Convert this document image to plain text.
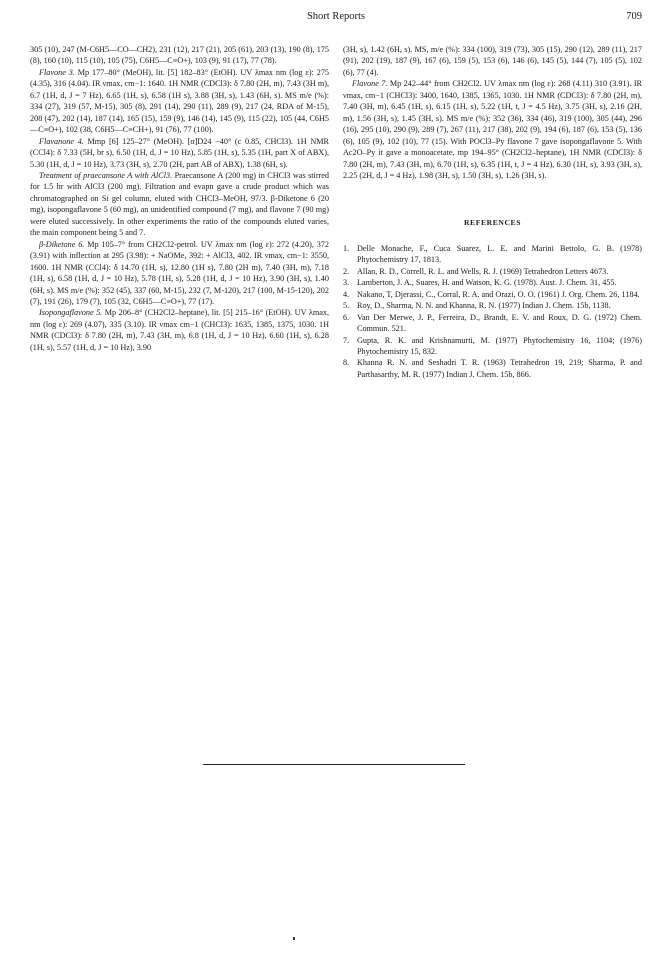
Short Reports	709

305 (10), 247 (M-C6H5—CO—CH2), 231 (12), 217 (21), 205 (61), 203 (13), 190 (8), 175 (8), 160 (10), 115 (10), 105 (75), C6H5—C≡O+), 103 (9), 91 (17), 77 (78).

Flavone 3. Mp 177–80° (MeOH), lit. [5] 182–83° (EtOH). UV λmax nm (log ε): 275 (4.35), 316 (4.04). IR νmax, cm−1: 1640. 1H NMR (CDCl3): δ 7.80 (2H, m), 7.43 (3H m), 6.7 (1H, d, J = 7 Hz), 6.65 (1H, s), 6.58 (1H s), 3.88 (3H, s), 1.43 (6H, s). MS m/e (%): 334 (27), 319 (57, M-15), 305 (8), 291 (14), 290 (11), 289 (9), 217 (24, RDA of M-15), 208 (47), 202 (14), 187 (14), 165 (15), 159 (9), 146 (14), 145 (9), 115 (22), 105 (44, C6H5—C≡O+), 102 (38, C6H5—C≡CH+), 91 (76), 77 (100).

Flavanone 4. Mmp [6] 125–27° (MeOH). [α]D24 −40° (c 0.85, CHCl3). 1H NMR (CCl4): δ 7.33 (5H, br s), 6.50 (1H, d, J = 10 Hz), 5.85 (1H, s), 5.35 (1H, part X of ABX), 5.30 (1H, d, J = 10 Hz), 3.73 (3H, s), 2.70 (2H, part AB of ABX), 1.38 (6H, s).

Treatment of praecansone A with AlCl3. Praecansone A (200 mg) in CHCl3 was stirred for 1.5 hr with AlCl3 (200 mg). Filtration and evapn gave a crude product which was chromatographed on Si gel column, eluted with CHCl3–MeOH, 97/3. β-Diketone 6 (20 mg), isopongaflavone 5 (60 mg), an unidentified compound (7 mg), and flavone 7 (90 mg) were eluted successively. In other experiments the ratio of the compounds eluted varies, the main component being 5 and 7.

β-Diketone 6. Mp 105–7° from CH2Cl2-petrol. UV λmax nm (log ε): 272 (4.20), 372 (3.91) with inflection at 295 (3.98): + NaOMe, 392: + AlCl3, 402. IR νmax, cm−1: 3550, 1600. 1H NMR (CCl4): δ 14.70 (1H, s), 12.80 (1H s), 7.80 (2H m), 7.40 (3H, m), 7.18 (1H, s), 6.58 (1H, d, J = 10 Hz), 5.78 (1H, s), 5.28 (1H, d, J = 10 Hz), 3.90 (3H, s), 1.40 (6H, s). MS m/e (%): 352 (45), 337 (60, M-15), 232 (7, M-120), 217 (100, M-15-120), 202 (7), 191 (26), 179 (7), 105 (32, C6H5—C≡O+), 77 (17).

Isopongaflavone 5. Mp 206–8° (CH2Cl2–heptane), lit. [5] 215–16° (EtOH). UV λmax, nm (log ε): 269 (4.07), 335 (3.10). IR νmax cm−1 (CHCl3): 1635, 1385, 1375, 1030. 1H NMR (CDCl3): δ 7.80 (2H, m), 7.43 (3H, m), 6.8 (1H, d, J = 10 Hz), 6.60 (1H, s), 6.28 (1H, s), 5.57 (1H, d, J = 10 Hz), 3.90

(3H, s), 1.42 (6H, s). MS, m/e (%): 334 (100), 319 (73), 305 (15), 290 (12), 289 (11), 217 (91), 202 (19), 187 (9), 167 (6), 159 (5), 153 (6), 146 (6), 145 (5), 144 (7), 105 (5), 102 (6), 77 (4).

Flavone 7. Mp 242–44° from CH2Cl2. UV λmax nm (log ε): 268 (4.11) 310 (3.91). IR νmax, cm−1 (CHCl3): 3400, 1640, 1385, 1365, 1030. 1H NMR (CDCl3): δ 7.80 (2H, m), 7.40 (3H, m), 6.45 (1H, s), 6.15 (1H, s), 5.22 (1H, t, J = 4.5 Hz), 3.75 (3H, s), 2.16 (2H, m), 1.56 (3H, s), 1.45 (3H, s). MS m/e (%): 352 (36), 334 (46), 319 (100), 305 (44), 296 (16), 295 (10), 290 (9), 289 (7), 267 (11), 217 (38), 202 (9), 194 (6), 187 (6), 153 (5), 136 (6), 105 (9), 102 (10), 77 (15). With POCl3–Py flavone 7 gave isopongaflavone 5. With Ac2O–Py it gave a monoacetate, mp 194–95° (CH2Cl2–heptane), 1H NMR (CDCl3): δ 7.80 (2H, m), 7.43 (3H, m), 6.70 (1H, s), 6.35 (1H, t, J = 4 Hz), 6.30 (1H, s), 3.93 (3H, s), 2.25 (2H, d, J = 4 Hz), 1.98 (3H, s), 1.50 (3H, s), 1.26 (3H, s).

REFERENCES
1. Delle Monache, F., Cuca Suarez, L. E. and Marini Bettolo, G. B. (1978) Phytochemistry 17, 1813.
2. Allan, R. D., Correll, R. L. and Wells, R. J. (1969) Tetrahedron Letters 4673.
3. Lamberton, J. A., Suares, H. and Watson, K. G. (1978). Aust. J. Chem. 31, 455.
4. Nakano, T, Djerassi, C., Corral, R. A. and Orazi, O. O. (1961) J. Org. Chem. 26, 1184.
5. Roy, D., Sharma, N. N. and Khanna, R. N. (1977) Indian J. Chem. 15b, 1138.
6. Van Der Merwe, J. P., Ferreira, D., Brandt, E. V. and Roux, D. G. (1972) Chem. Commun. 521.
7. Gupta, R. K. and Krishnamurti, M. (1977) Phytochemistry 16, 1104; (1976) Phytochemistry 15, 832.
8. Khanna R. N. and Seshadri T. R. (1963) Tetrahedron 19, 219; Sharma, P. and Parthasarthy, M. R. (1977) Indian J. Chem. 15b, 866.
